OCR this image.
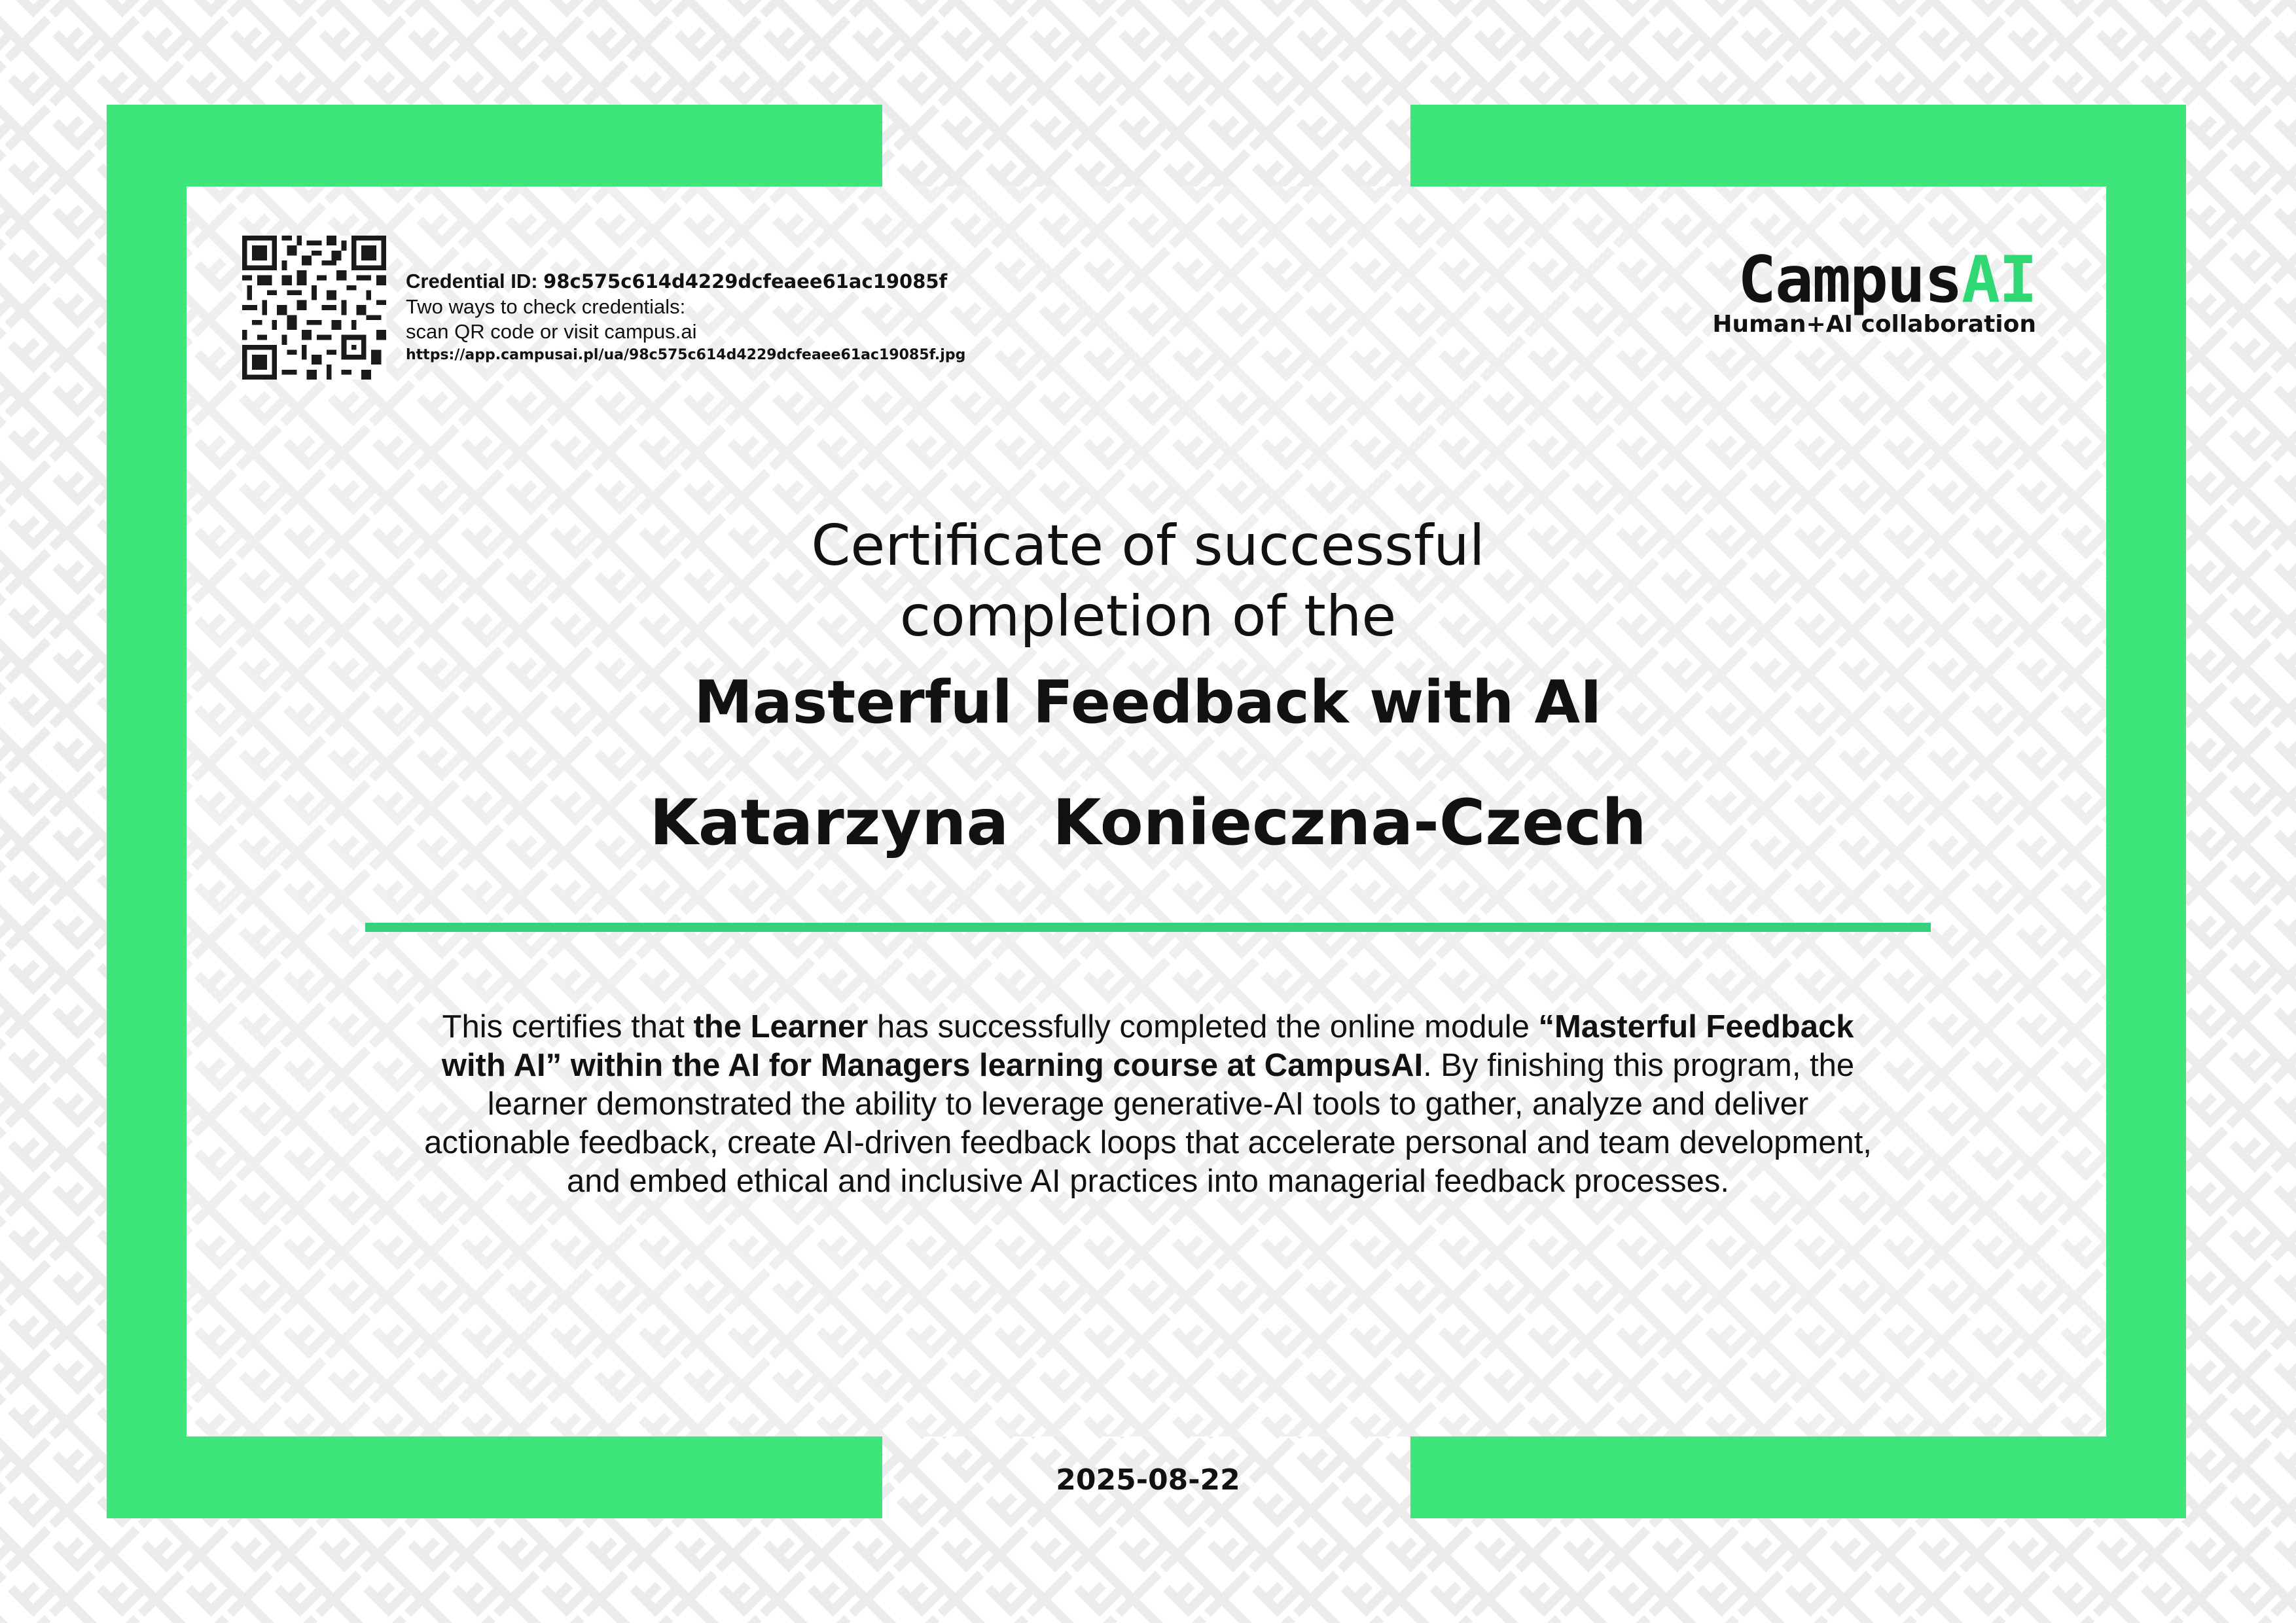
Credential ID: 98c575c614d4229dcfeaee61ac19085f
Two ways to check credentials:
scan QR code or visit campus.ai
https://app.campusai.pl/ua/98c575c614d4229dcfeaee61ac19085f.jpg
CampusAI
Human+AI collaboration
Certificate of successful
completion of the
Masterful Feedback with AI
Katarzyna  Konieczna-Czech
This certifies that the Learner has successfully completed the online module “Masterful Feedback with AI” within the AI for Managers learning course at CampusAI. By finishing this program, the learner demonstrated the ability to leverage generative-AI tools to gather, analyze and deliver actionable feedback, create AI-driven feedback loops that accelerate personal and team development, and embed ethical and inclusive AI practices into managerial feedback processes.
2025-08-22
